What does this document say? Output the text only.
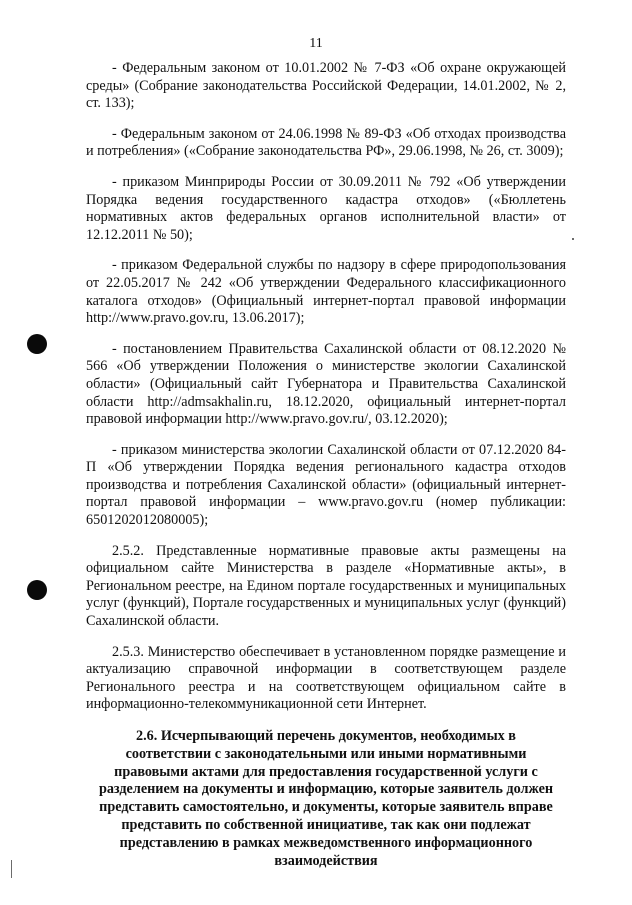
11

- Федеральным законом от 10.01.2002 № 7-ФЗ «Об охране окружающей среды» (Собрание законодательства Российской Федерации, 14.01.2002, № 2, ст. 133);

- Федеральным законом от 24.06.1998 № 89-ФЗ «Об отходах производства и потребления» («Собрание законодательства РФ», 29.06.1998, № 26, ст. 3009);

- приказом Минприроды России от 30.09.2011 № 792 «Об утверждении Порядка ведения государственного кадастра отходов» («Бюллетень нормативных актов федеральных органов исполнительной власти» от 12.12.2011 № 50);

- приказом Федеральной службы по надзору в сфере природопользования от 22.05.2017 № 242 «Об утверждении Федерального классификационного каталога отходов» (Официальный интернет-портал правовой информации http://www.pravo.gov.ru, 13.06.2017);

- постановлением Правительства Сахалинской области от 08.12.2020 № 566 «Об утверждении Положения о министерстве экологии Сахалинской области» (Официальный сайт Губернатора и Правительства Сахалинской области http://admsakhalin.ru, 18.12.2020, официальный интернет-портал правовой информации http://www.pravo.gov.ru/, 03.12.2020);

- приказом министерства экологии Сахалинской области от 07.12.2020 84-П «Об утверждении Порядка ведения регионального кадастра отходов производства и потребления Сахалинской области» (официальный интернет-портал правовой информации – www.pravo.gov.ru (номер публикации: 6501202012080005);

2.5.2. Представленные нормативные правовые акты размещены на официальном сайте Министерства в разделе «Нормативные акты», в Региональном реестре, на Едином портале государственных и муниципальных услуг (функций), Портале государственных и муниципальных услуг (функций) Сахалинской области.

2.5.3. Министерство обеспечивает в установленном порядке размещение и актуализацию справочной информации в соответствующем разделе Регионального реестра и на соответствующем официальном сайте в информационно-телекоммуникационной сети Интернет.

2.6. Исчерпывающий перечень документов, необходимых в соответствии с законодательными или иными нормативными правовыми актами для предоставления государственной услуги с разделением на документы и информацию, которые заявитель должен представить самостоятельно, и документы, которые заявитель вправе представить по собственной инициативе, так как они подлежат представлению в рамках межведомственного информационного взаимодействия
